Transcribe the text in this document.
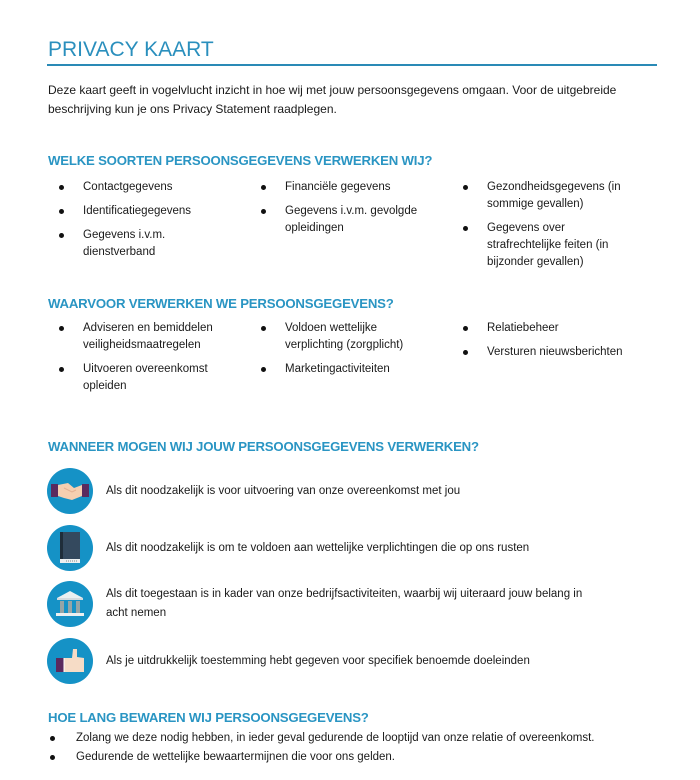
PRIVACY KAART
Deze kaart geeft in vogelvlucht inzicht in hoe wij met jouw persoonsgegevens omgaan. Voor de uitgebreide beschrijving kun je ons Privacy Statement raadplegen.
WELKE SOORTEN PERSOONSGEGEVENS VERWERKEN WIJ?
Contactgegevens
Identificatiegegevens
Gegevens i.v.m. dienstverband
Financiële gegevens
Gegevens i.v.m. gevolgde opleidingen
Gezondheidsgegevens (in sommige gevallen)
Gegevens over strafrechtelijke feiten (in bijzonder gevallen)
WAARVOOR VERWERKEN WE PERSOONSGEGEVENS?
Adviseren en bemiddelen veiligheidsmaatregelen
Uitvoeren overeenkomst opleiden
Voldoen wettelijke verplichting (zorgplicht)
Marketingactiviteiten
Relatiebeheer
Versturen nieuwsberichten
WANNEER MOGEN WIJ JOUW PERSOONSGEGEVENS VERWERKEN?
Als dit noodzakelijk is voor uitvoering van onze overeenkomst met jou
Als dit noodzakelijk is om te voldoen aan wettelijke verplichtingen die op ons rusten
Als dit toegestaan is in kader van onze bedrijfsactiviteiten, waarbij wij uiteraard jouw belang in acht nemen
Als je uitdrukkelijk toestemming hebt gegeven voor specifiek benoemde doeleinden
HOE LANG BEWAREN WIJ PERSOONSGEGEVENS?
Zolang we deze nodig hebben, in ieder geval gedurende de looptijd van onze relatie of overeenkomst.
Gedurende de wettelijke bewaartermijnen die voor ons gelden.
